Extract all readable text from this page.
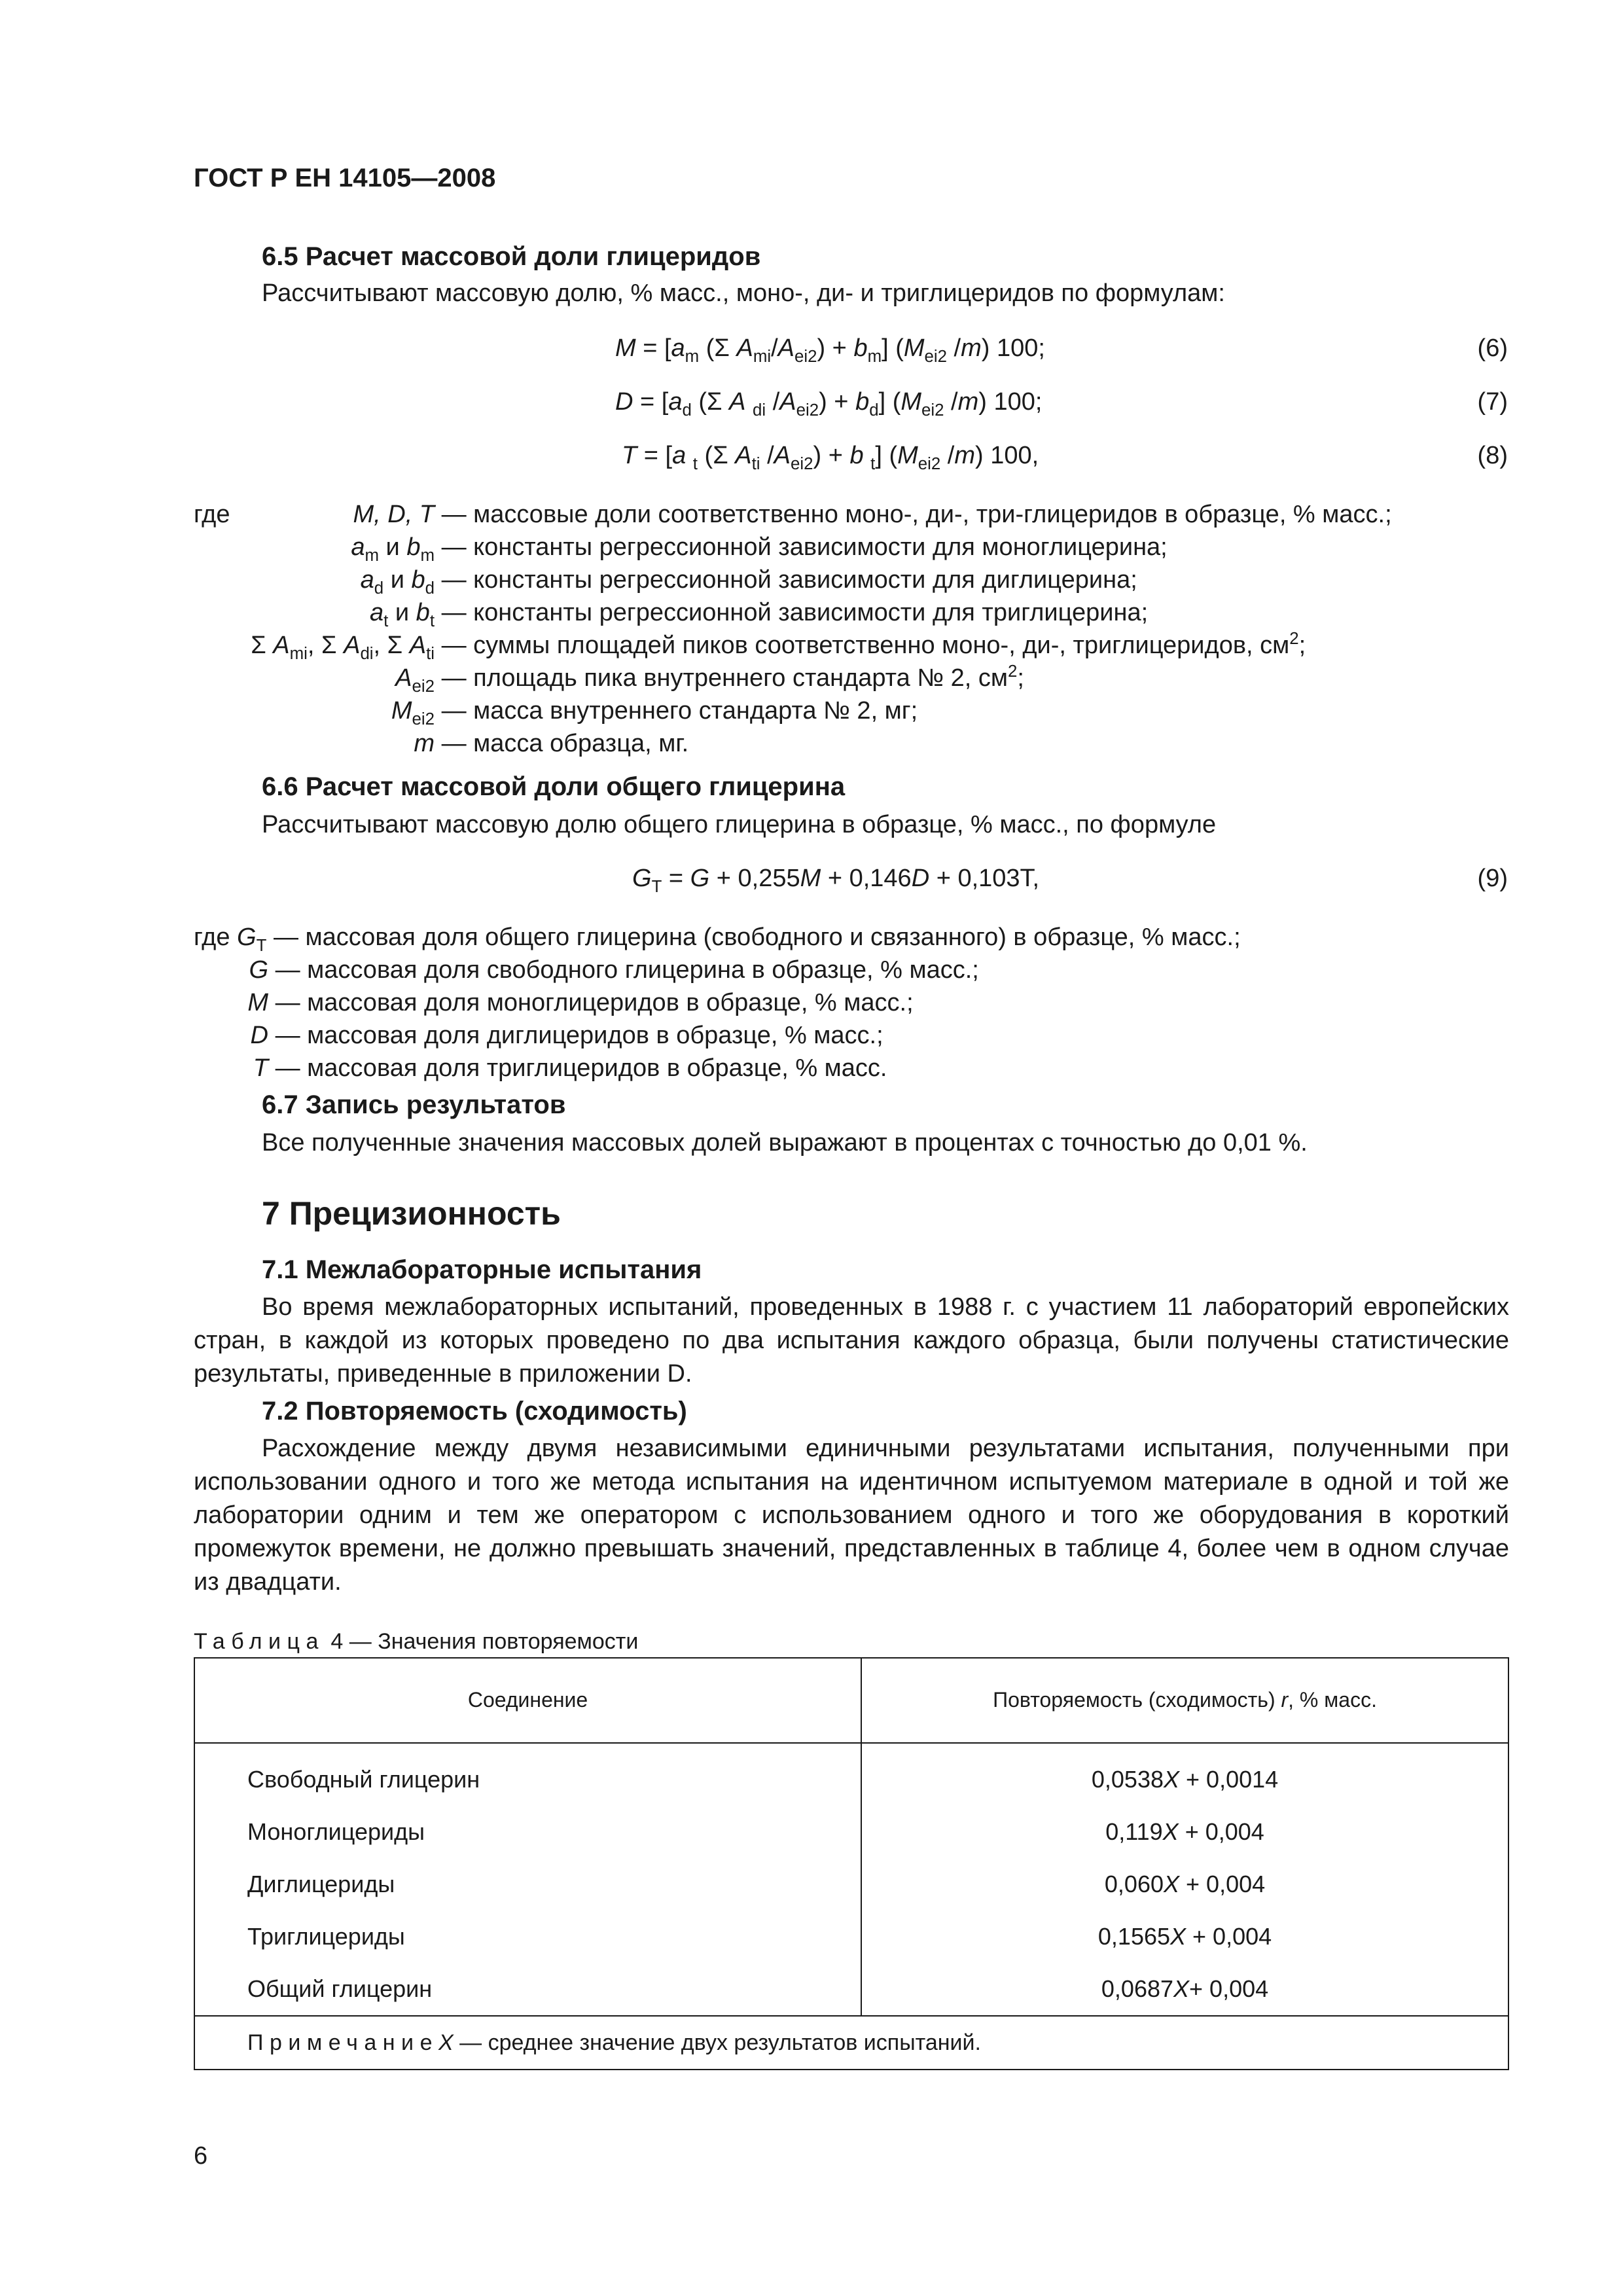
ГОСТ Р ЕН 14105—2008
6.5 Расчет массовой доли глицеридов
Рассчитывают массовую долю, % масс., моно-, ди- и триглицеридов по формулам:
$M = [a_m$ (Σ $A_{mi}/A_{ei2}) + b_m$] ($M_{ei2}$ /m) 100;	(6)
$D = [a_d$ (Σ A $_{di}$ $/A_{ei2}) + b_d$] ($M_{ei2}$ /m) 100;	(7)
T = [a $_t$ (Σ $A_{ti}$ $/A_{ei2}) + b$ $_t$] ($M_{ei2}$ /m) 100,	(8)
где	M, D, T — массовые доли соответственно моно-, ди-, три-глицеридов в образце, % масс.;
$a_m$ и $b_m$ — константы регрессионной зависимости для моноглицерина;
$a_d$ и $b_d$ — константы регрессионной зависимости для диглицерина;
$a_t$ и $b_t$ — константы регрессионной зависимости для триглицерина;
Σ $A_{mi}$, Σ $A_{di}$, Σ $A_{ti}$ — суммы площадей пиков соответственно моно-, ди-, триглицеридов, $см^2$;
$A_{ei2}$ — площадь пика внутреннего стандарта № 2, $см^2$;
$M_{ei2}$ — масса внутреннего стандарта № 2, мг;
m — масса образца, мг.
6.6 Расчет массовой доли общего глицерина
Рассчитывают массовую долю общего глицерина в образце, % масс., по формуле
$G_T = G + 0,255M + 0,146D + 0,103T$,	(9)
где $G_T$ — массовая доля общего глицерина (свободного и связанного) в образце, % масс.;
G — массовая доля свободного глицерина в образце, % масс.;
M — массовая доля моноглицеридов в образце, % масс.;
D — массовая доля диглицеридов в образце, % масс.;
T — массовая доля триглицеридов в образце, % масс.
6.7 Запись результатов
Все полученные значения массовых долей выражают в процентах с точностью до 0,01 %.
7 Прецизионность
7.1 Межлабораторные испытания
Во время межлабораторных испытаний, проведенных в 1988 г. с участием 11 лабораторий европейских стран, в каждой из которых проведено по два испытания каждого образца, были получены статистические результаты, приведенные в приложении D.
7.2 Повторяемость (сходимость)
Расхождение между двумя независимыми единичными результатами испытания, полученными при использовании одного и того же метода испытания на идентичном испытуемом материале в одной и той же лаборатории одним и тем же оператором с использованием одного и того же оборудования в короткий промежуток времени, не должно превышать значений, представленных в таблице 4, более чем в одном случае из двадцати.
Таблица 4 — Значения повторяемости
Соединение	Повторяемость (сходимость) r, % масс.
Свободный глицерин	0,0538X + 0,0014
Моноглицериды	0,119X + 0,004
Диглицериды	0,060X + 0,004
Триглицериды	0,1565X + 0,004
Общий глицерин	0,0687X+ 0,004
ПримечаниеX — среднее значение двух результатов испытаний.	
6
